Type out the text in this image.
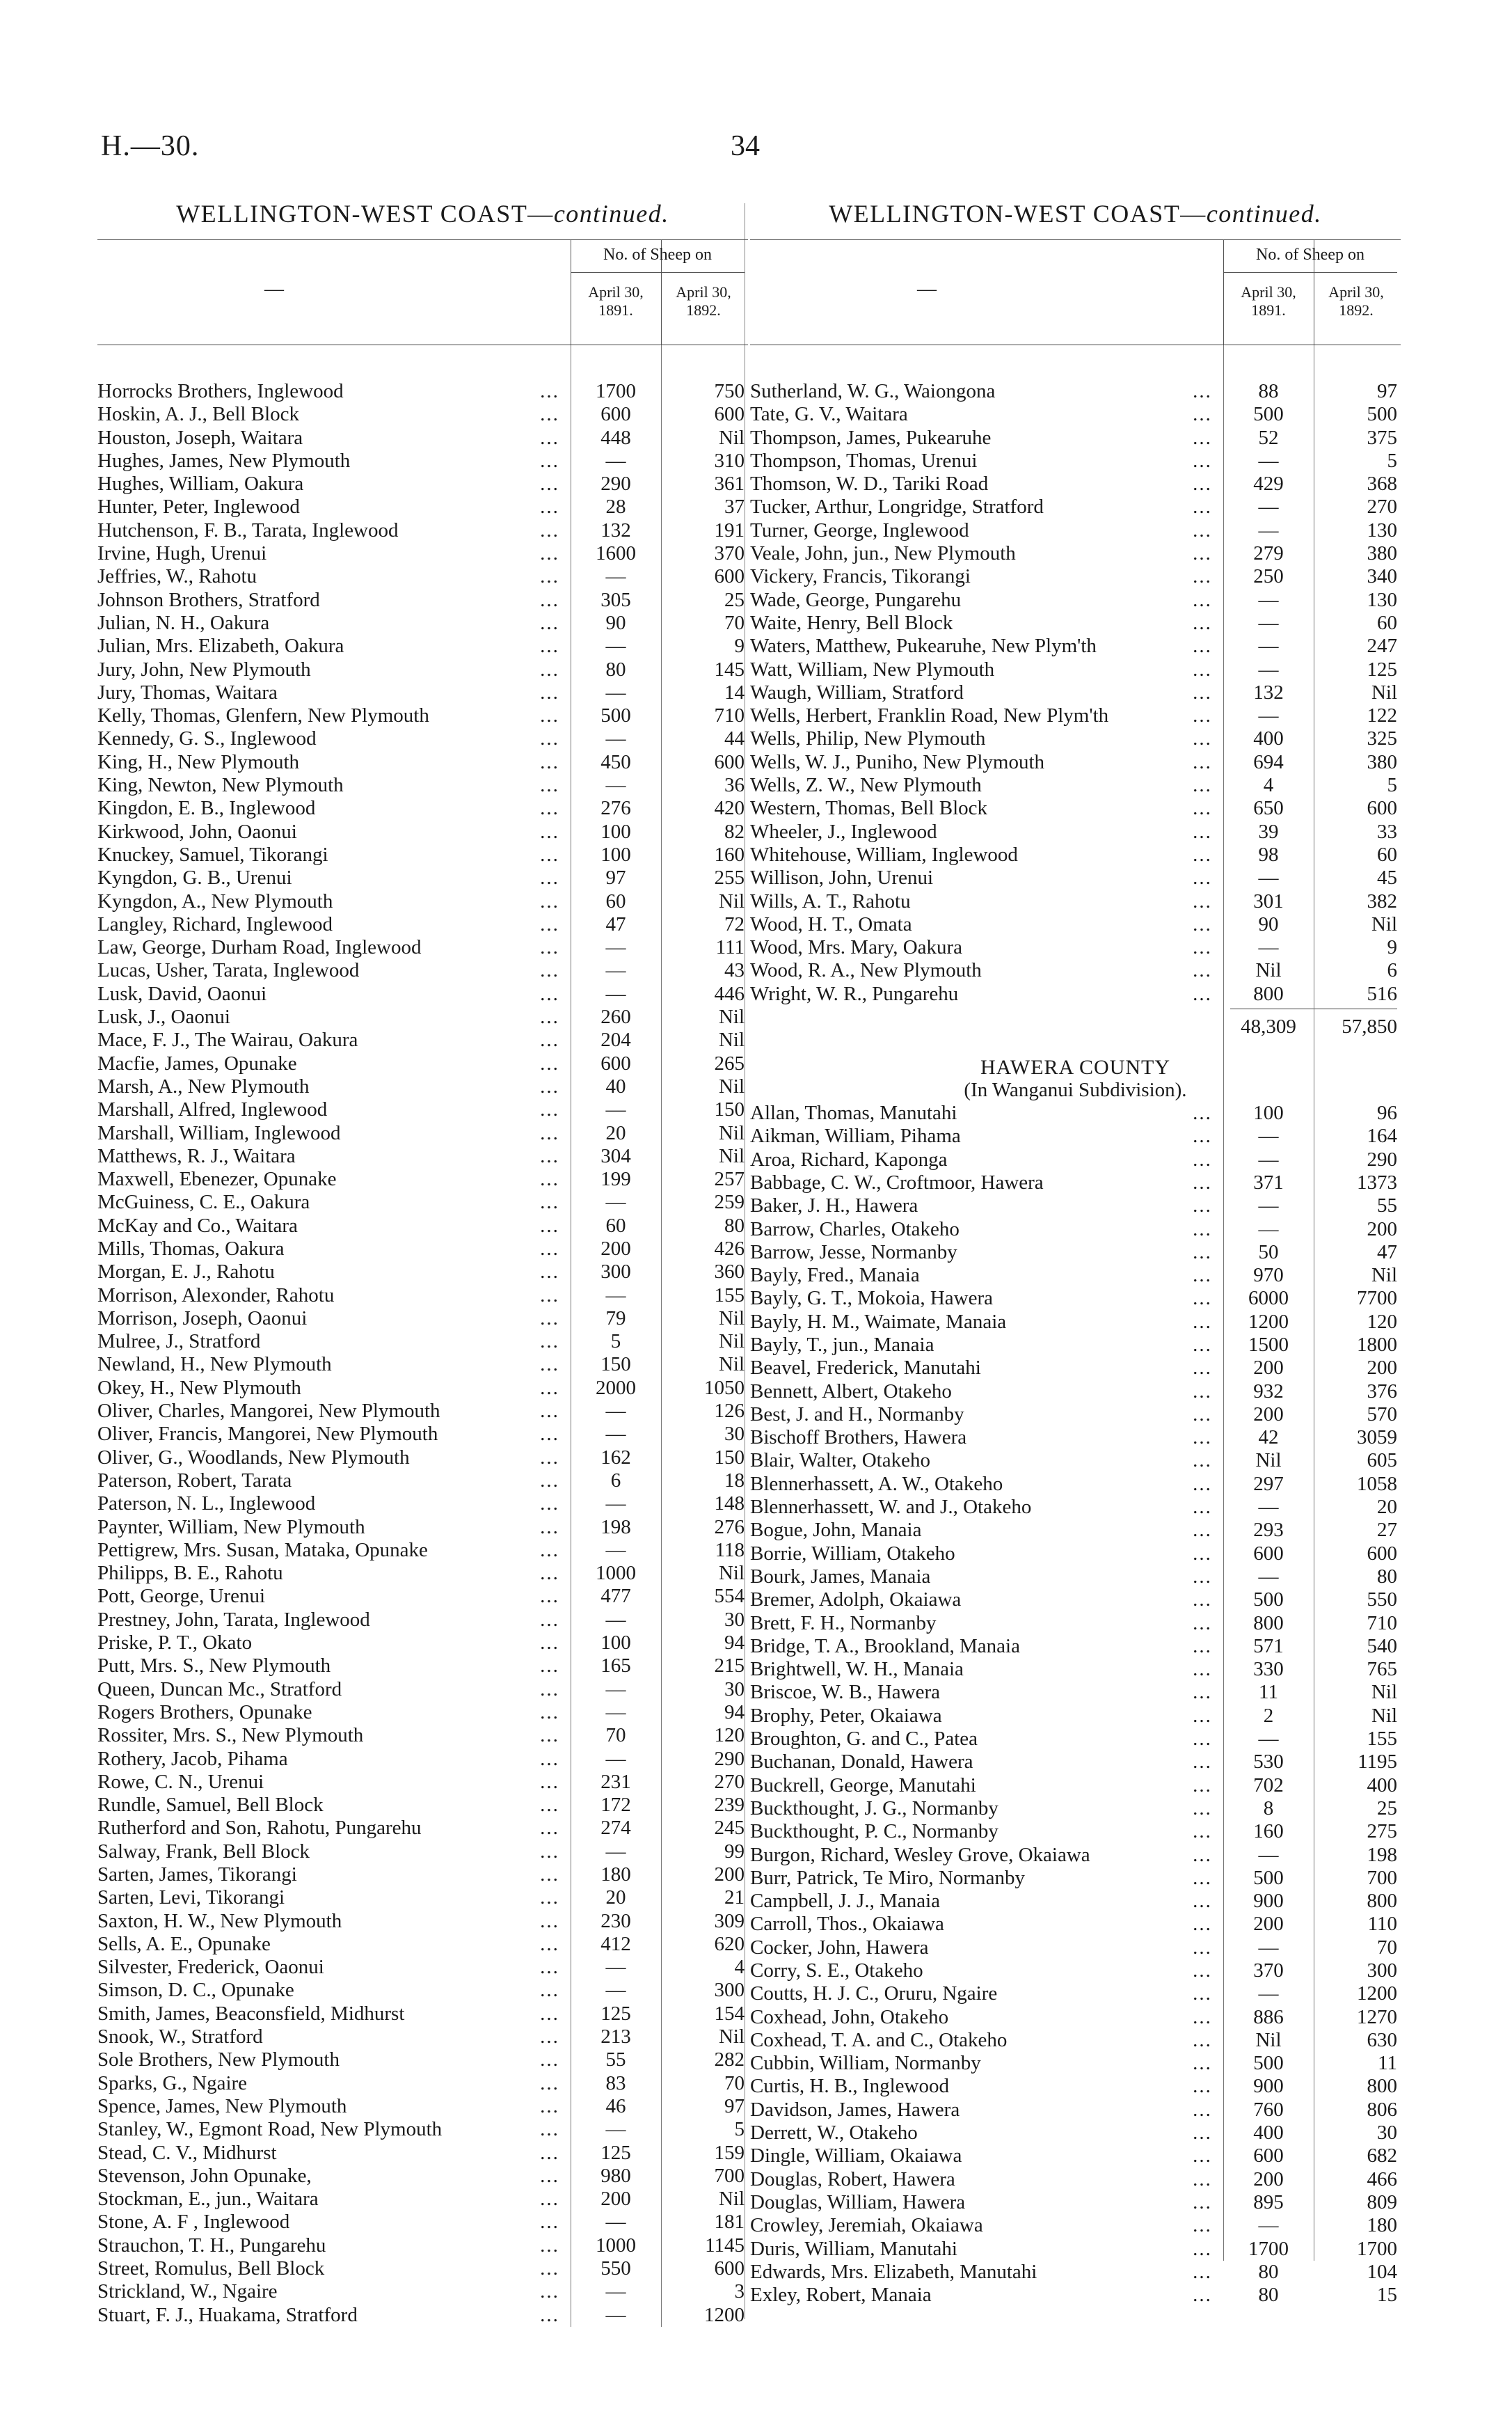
H.—30.	34
WELLINGTON-WEST COAST—continued.
—
No. of Sheep on
April 30, 1891.
April 30, 1892.
Horrocks Brothers, Inglewood	...	1700	750
Hoskin, A. J., Bell Block	...	600	600
Houston, Joseph, Waitara	...	448	Nil
Hughes, James, New Plymouth	...	—	310
Hughes, William, Oakura	...	290	361
Hunter, Peter, Inglewood	...	28	37
Hutchenson, F. B., Tarata, Inglewood	...	132	191
Irvine, Hugh, Urenui	...	1600	370
Jeffries, W., Rahotu	...	—	600
Johnson Brothers, Stratford	...	305	25
Julian, N. H., Oakura	...	90	70
Julian, Mrs. Elizabeth, Oakura	...	—	9
Jury, John, New Plymouth	...	80	145
Jury, Thomas, Waitara	...	—	14
Kelly, Thomas, Glenfern, New Plymouth	...	500	710
Kennedy, G. S., Inglewood	...	—	44
King, H., New Plymouth	...	450	600
King, Newton, New Plymouth	...	—	36
Kingdon, E. B., Inglewood	...	276	420
Kirkwood, John, Oaonui	...	100	82
Knuckey, Samuel, Tikorangi	...	100	160
Kyngdon, G. B., Urenui	...	97	255
Kyngdon, A., New Plymouth	...	60	Nil
Langley, Richard, Inglewood	...	47	72
Law, George, Durham Road, Inglewood	...	—	111
Lucas, Usher, Tarata, Inglewood	...	—	43
Lusk, David, Oaonui	...	—	446
Lusk, J., Oaonui	...	260	Nil
Mace, F. J., The Wairau, Oakura	...	204	Nil
Macfie, James, Opunake	...	600	265
Marsh, A., New Plymouth	...	40	Nil
Marshall, Alfred, Inglewood	...	—	150
Marshall, William, Inglewood	...	20	Nil
Matthews, R. J., Waitara	...	304	Nil
Maxwell, Ebenezer, Opunake	...	199	257
McGuiness, C. E., Oakura	...	—	259
McKay and Co., Waitara	...	60	80
Mills, Thomas, Oakura	...	200	426
Morgan, E. J., Rahotu	...	300	360
Morrison, Alexonder, Rahotu	...	—	155
Morrison, Joseph, Oaonui	...	79	Nil
Mulree, J., Stratford	...	5	Nil
Newland, H., New Plymouth	...	150	Nil
Okey, H., New Plymouth	...	2000	1050
Oliver, Charles, Mangorei, New Plymouth	...	—	126
Oliver, Francis, Mangorei, New Plymouth	...	—	30
Oliver, G., Woodlands, New Plymouth	...	162	150
Paterson, Robert, Tarata	...	6	18
Paterson, N. L., Inglewood	...	—	148
Paynter, William, New Plymouth	...	198	276
Pettigrew, Mrs. Susan, Mataka, Opunake	...	—	118
Philipps, B. E., Rahotu	...	1000	Nil
Pott, George, Urenui	...	477	554
Prestney, John, Tarata, Inglewood	...	—	30
Priske, P. T., Okato	...	100	94
Putt, Mrs. S., New Plymouth	...	165	215
Queen, Duncan Mc., Stratford	...	—	30
Rogers Brothers, Opunake	...	—	94
Rossiter, Mrs. S., New Plymouth	...	70	120
Rothery, Jacob, Pihama	...	—	290
Rowe, C. N., Urenui	...	231	270
Rundle, Samuel, Bell Block	...	172	239
Rutherford and Son, Rahotu, Pungarehu	...	274	245
Salway, Frank, Bell Block	...	—	99
Sarten, James, Tikorangi	...	180	200
Sarten, Levi, Tikorangi	...	20	21
Saxton, H. W., New Plymouth	...	230	309
Sells, A. E., Opunake	...	412	620
Silvester, Frederick, Oaonui	...	—	4
Simson, D. C., Opunake	...	—	300
Smith, James, Beaconsfield, Midhurst	...	125	154
Snook, W., Stratford	...	213	Nil
Sole Brothers, New Plymouth	...	55	282
Sparks, G., Ngaire	...	83	70
Spence, James, New Plymouth	...	46	97
Stanley, W., Egmont Road, New Plymouth	...	—	5
Stead, C. V., Midhurst	...	125	159
Stevenson, John Opunake,	...	980	700
Stockman, E., jun., Waitara	...	200	Nil
Stone, A. F , Inglewood	...	—	181
Strauchon, T. H., Pungarehu	...	1000	1145
Street, Romulus, Bell Block	...	550	600
Strickland, W., Ngaire	...	—	3
Stuart, F. J., Huakama, Stratford	...	—	1200
WELLINGTON-WEST COAST—continued.
—
No. of Sheep on
April 30, 1891.
April 30, 1892.
Sutherland, W. G., Waiongona	...	88	97
Tate, G. V., Waitara	...	500	500
Thompson, James, Pukearuhe	...	52	375
Thompson, Thomas, Urenui	...	—	5
Thomson, W. D., Tariki Road	...	429	368
Tucker, Arthur, Longridge, Stratford	...	—	270
Turner, George, Inglewood	...	—	130
Veale, John, jun., New Plymouth	...	279	380
Vickery, Francis, Tikorangi	...	250	340
Wade, George, Pungarehu	...	—	130
Waite, Henry, Bell Block	...	—	60
Waters, Matthew, Pukearuhe, New Plym'th	...	—	247
Watt, William, New Plymouth	...	—	125
Waugh, William, Stratford	...	132	Nil
Wells, Herbert, Franklin Road, New Plym'th	...	—	122
Wells, Philip, New Plymouth	...	400	325
Wells, W. J., Puniho, New Plymouth	...	694	380
Wells, Z. W., New Plymouth	...	4	5
Western, Thomas, Bell Block	...	650	600
Wheeler, J., Inglewood	...	39	33
Whitehouse, William, Inglewood	...	98	60
Willison, John, Urenui	...	—	45
Wills, A. T., Rahotu	...	301	382
Wood, H. T., Omata	...	90	Nil
Wood, Mrs. Mary, Oakura	...	—	9
Wood, R. A., New Plymouth	...	Nil	6
Wright, W. R., Pungarehu	...	800	516
48,309	57,850
HAWERA COUNTY
(In Wanganui Subdivision).
Allan, Thomas, Manutahi	...	100	96
Aikman, William, Pihama	...	—	164
Aroa, Richard, Kaponga	...	—	290
Babbage, C. W., Croftmoor, Hawera	...	371	1373
Baker, J. H., Hawera	...	—	55
Barrow, Charles, Otakeho	...	—	200
Barrow, Jesse, Normanby	...	50	47
Bayly, Fred., Manaia	...	970	Nil
Bayly, G. T., Mokoia, Hawera	...	6000	7700
Bayly, H. M., Waimate, Manaia	...	1200	120
Bayly, T., jun., Manaia	...	1500	1800
Beavel, Frederick, Manutahi	...	200	200
Bennett, Albert, Otakeho	...	932	376
Best, J. and H., Normanby	...	200	570
Bischoff Brothers, Hawera	...	42	3059
Blair, Walter, Otakeho	...	Nil	605
Blennerhassett, A. W., Otakeho	...	297	1058
Blennerhassett, W. and J., Otakeho	...	—	20
Bogue, John, Manaia	...	293	27
Borrie, William, Otakeho	...	600	600
Bourk, James, Manaia	...	—	80
Bremer, Adolph, Okaiawa	...	500	550
Brett, F. H., Normanby	...	800	710
Bridge, T. A., Brookland, Manaia	...	571	540
Brightwell, W. H., Manaia	...	330	765
Briscoe, W. B., Hawera	...	11	Nil
Brophy, Peter, Okaiawa	...	2	Nil
Broughton, G. and C., Patea	...	—	155
Buchanan, Donald, Hawera	...	530	1195
Buckrell, George, Manutahi	...	702	400
Buckthought, J. G., Normanby	...	8	25
Buckthought, P. C., Normanby	...	160	275
Burgon, Richard, Wesley Grove, Okaiawa	...	—	198
Burr, Patrick, Te Miro, Normanby	...	500	700
Campbell, J. J., Manaia	...	900	800
Carroll, Thos., Okaiawa	...	200	110
Cocker, John, Hawera	...	—	70
Corry, S. E., Otakeho	...	370	300
Coutts, H. J. C., Oruru, Ngaire	...	—	1200
Coxhead, John, Otakeho	...	886	1270
Coxhead, T. A. and C., Otakeho	...	Nil	630
Cubbin, William, Normanby	...	500	11
Curtis, H. B., Inglewood	...	900	800
Davidson, James, Hawera	...	760	806
Derrett, W., Otakeho	...	400	30
Dingle, William, Okaiawa	...	600	682
Douglas, Robert, Hawera	...	200	466
Douglas, William, Hawera	...	895	809
Crowley, Jeremiah, Okaiawa	...	—	180
Duris, William, Manutahi	...	1700	1700
Edwards, Mrs. Elizabeth, Manutahi	...	80	104
Exley, Robert, Manaia	...	80	15
